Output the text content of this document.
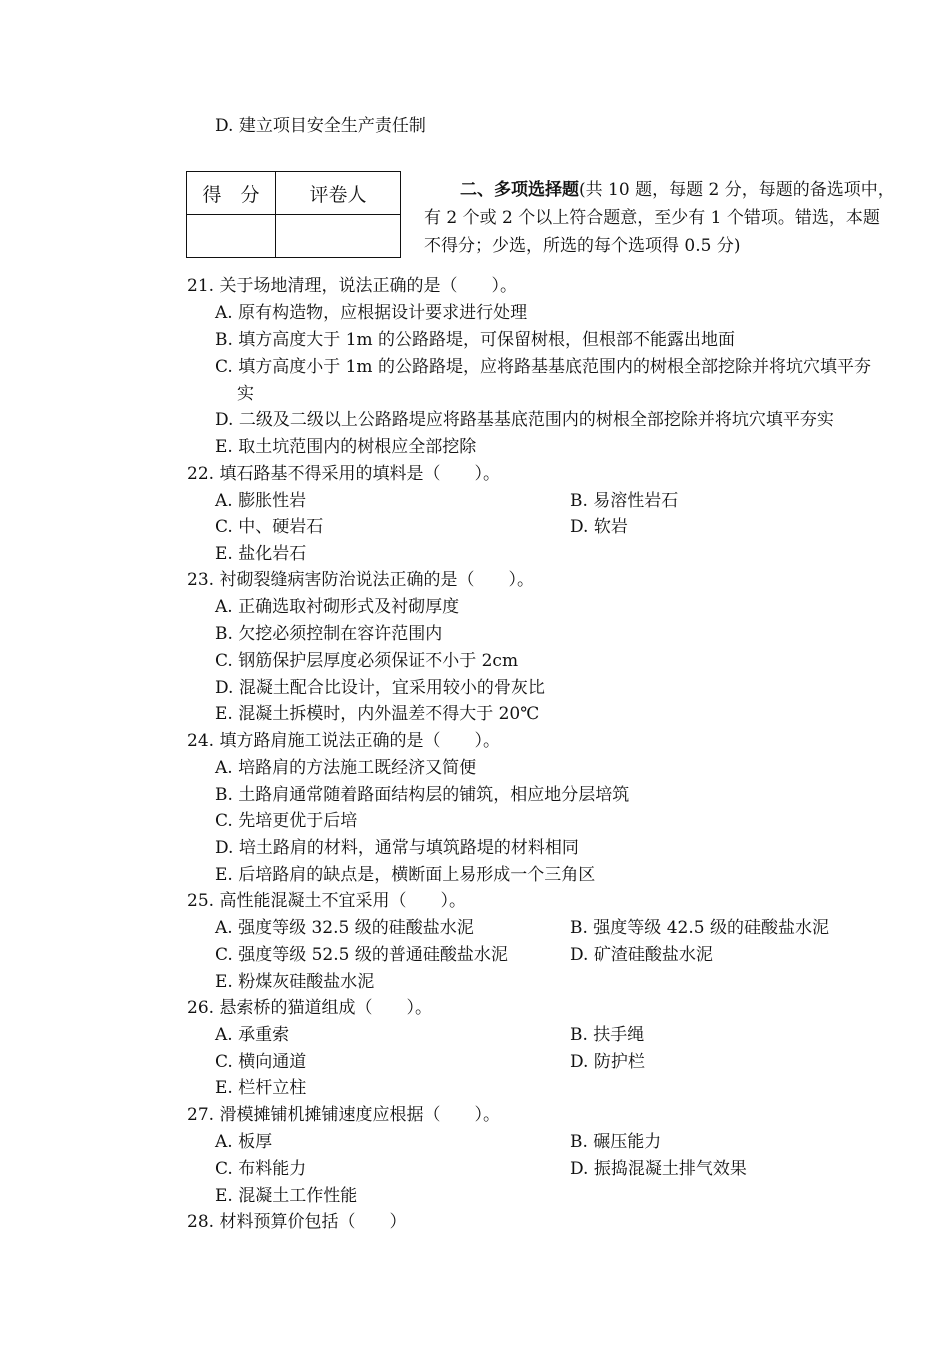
D. 建立项目安全生产责任制
得　分	评卷人
		二、多项选择题(共 10 题，每题 2 分，每题的备选项中，
有 2 个或 2 个以上符合题意，至少有 1 个错项。错选，本题
不得分；少选，所选的每个选项得 0.5 分)
21. 关于场地清理，说法正确的是（　　）。
A. 原有构造物，应根据设计要求进行处理
B. 填方高度大于 1m 的公路路堤，可保留树根，但根部不能露出地面
C. 填方高度小于 1m 的公路路堤，应将路基基底范围内的树根全部挖除并将坑穴填平夯
实
D. 二级及二级以上公路路堤应将路基基底范围内的树根全部挖除并将坑穴填平夯实
E. 取土坑范围内的树根应全部挖除
22. 填石路基不得采用的填料是（　　）。
A. 膨胀性岩	B. 易溶性岩石
C. 中、硬岩石	D. 软岩
E. 盐化岩石
23. 衬砌裂缝病害防治说法正确的是（　　）。
A. 正确选取衬砌形式及衬砌厚度
B. 欠挖必须控制在容许范围内
C. 钢筋保护层厚度必须保证不小于 2cm
D. 混凝土配合比设计，宜采用较小的骨灰比
E. 混凝土拆模时，内外温差不得大于 20℃
24. 填方路肩施工说法正确的是（　　）。
A. 培路肩的方法施工既经济又简便
B. 土路肩通常随着路面结构层的铺筑，相应地分层培筑
C. 先培更优于后培
D. 培土路肩的材料，通常与填筑路堤的材料相同
E. 后培路肩的缺点是，横断面上易形成一个三角区
25. 高性能混凝土不宜采用（　　）。
A. 强度等级 32.5 级的硅酸盐水泥	B. 强度等级 42.5 级的硅酸盐水泥
C. 强度等级 52.5 级的普通硅酸盐水泥	D. 矿渣硅酸盐水泥
E. 粉煤灰硅酸盐水泥
26. 悬索桥的猫道组成（　　）。
A. 承重索	B. 扶手绳
C. 横向通道	D. 防护栏
E. 栏杆立柱
27. 滑模摊铺机摊铺速度应根据（　　）。
A. 板厚	B. 碾压能力
C. 布料能力	D. 振捣混凝土排气效果
E. 混凝土工作性能
28. 材料预算价包括（　　）
